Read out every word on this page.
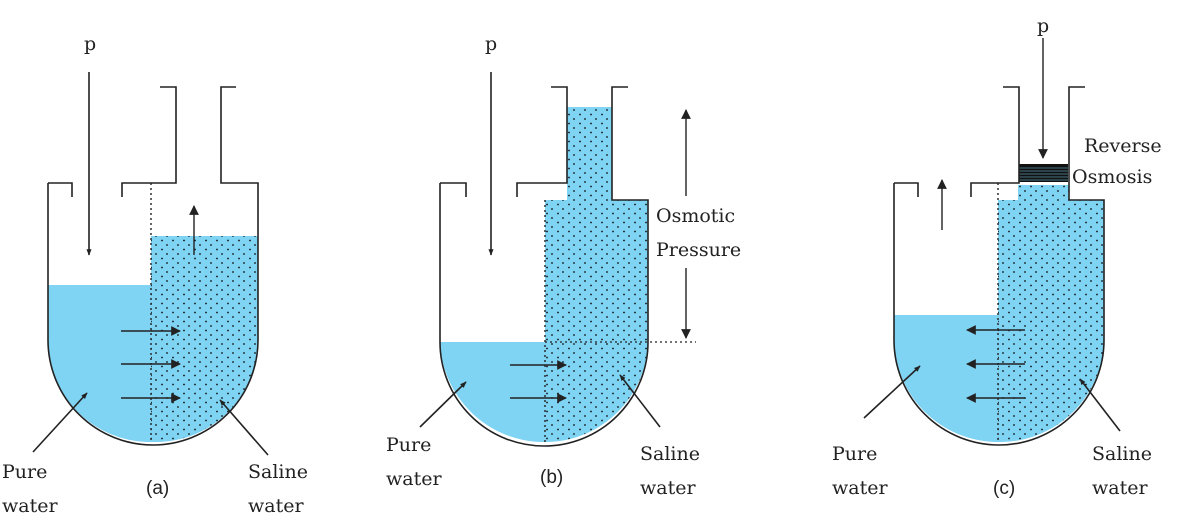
p
Pure
water
Saline
water
(a)
p
Osmotic
Pressure
Pure
water
Saline
water
(b)
p
Reverse
Osmosis
Pure
water
Saline
water
(c)
